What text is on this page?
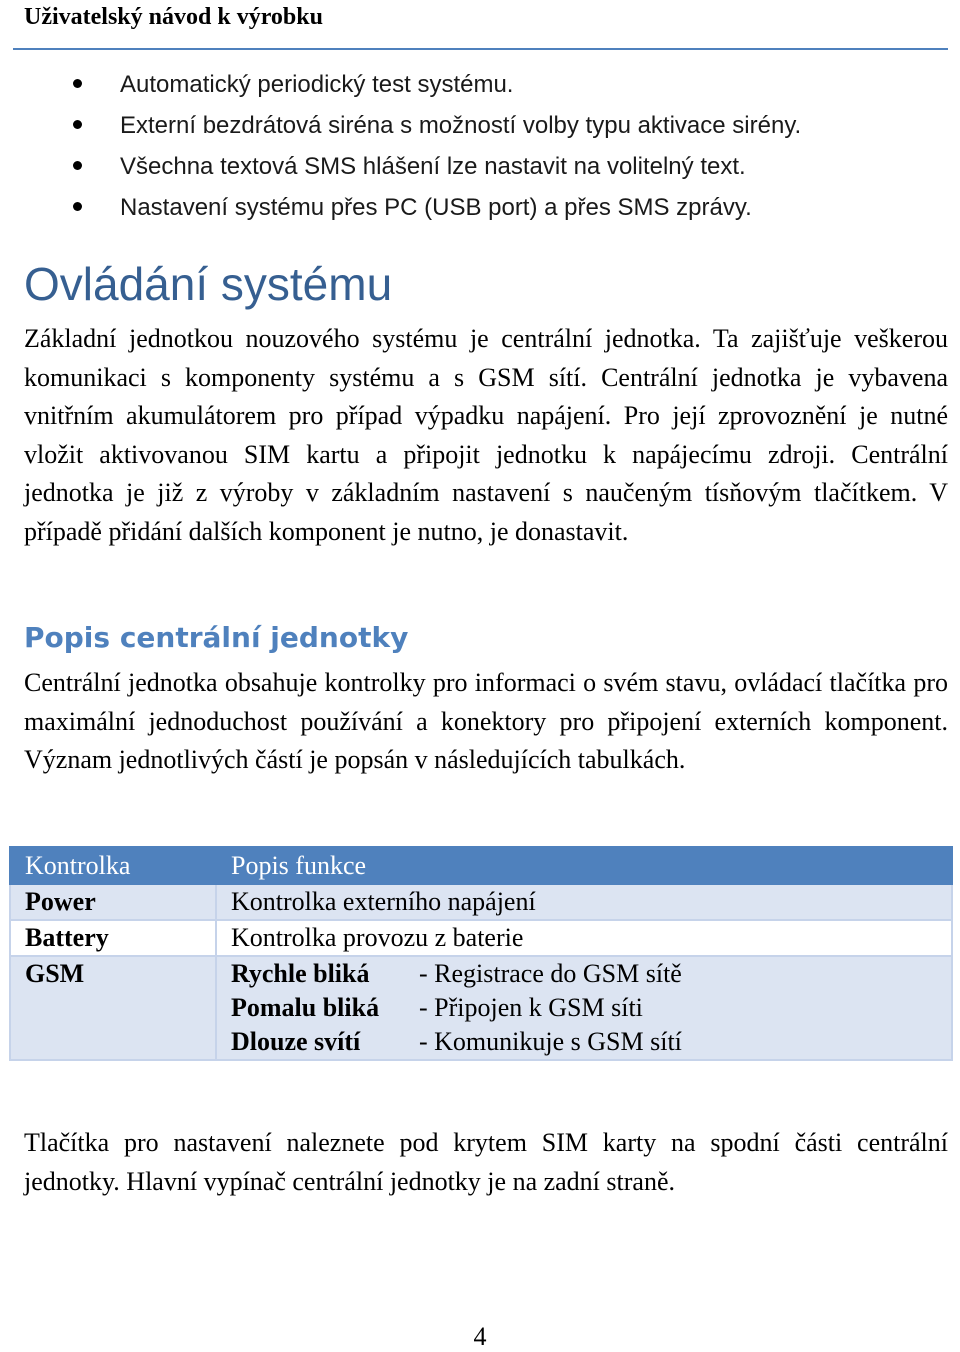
Uživatelský návod k výrobku
Automatický periodický test systému.
Externí bezdrátová siréna s možností volby typu aktivace sirény.
Všechna textová SMS hlášení lze nastavit na volitelný text.
Nastavení systému přes PC (USB port) a přes SMS zprávy.
Ovládání systému

Základní jednotkou nouzového systému je centrální jednotka. Ta zajišťuje veškerou komunikaci s komponenty systému a s GSM sítí. Centrální jednotka je vybavena vnitřním akumulátorem pro případ výpadku napájení. Pro její zprovoznění je nutné vložit aktivovanou SIM kartu a připojit jednotku k napájecímu zdroji. Centrální jednotka je již z výroby v základním nastavení s naučeným tísňovým tlačítkem. V případě přidání dalších komponent je nutno, je donastavit.

Popis centrální jednotky

Centrální jednotka obsahuje kontrolky pro informaci o svém stavu, ovládací tlačítka pro maximální jednoduchost používání a konektory pro připojení externích komponent. Význam jednotlivých částí je popsán v následujících tabulkách.

Kontrolka	Popis funkce
Power	Kontrolka externího napájení
Battery	Kontrolka provozu z baterie
GSM	Rychle bliká - Registrace do GSM sítě
Pomalu bliká - Připojen k GSM síti
Dlouze svítí - Komunikuje s GSM sítí

Tlačítka pro nastavení naleznete pod krytem SIM karty na spodní části centrální jednotky. Hlavní vypínač centrální jednotky je na zadní straně.

4
